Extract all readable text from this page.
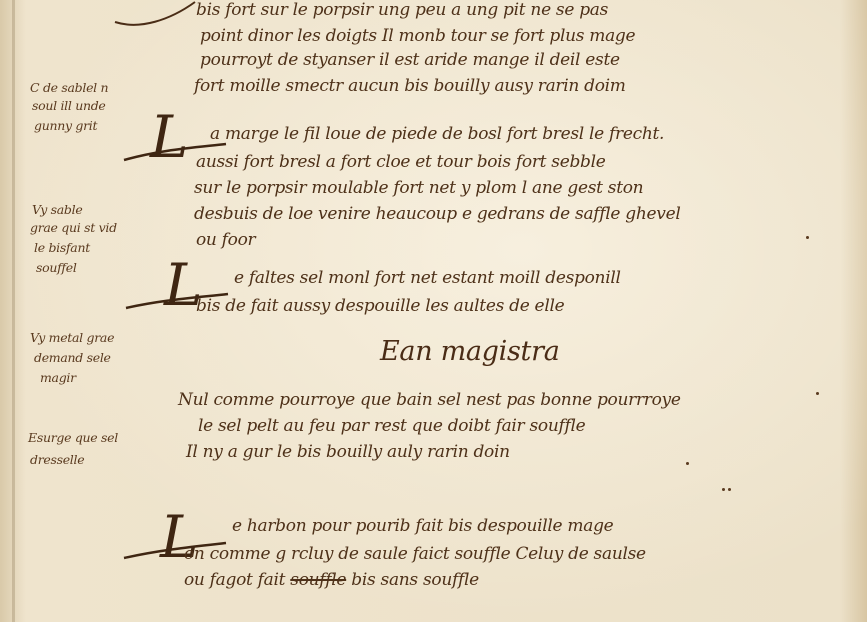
bis fort sur le porpsir ung peu a ung pit ne se pas
point dinor les doigts Il monb tour se fort plus mage
pourroyt de styanser il est aride mange il deil este
fort moille smectr aucun bis bouilly ausy rarin doim
C de sablel n
soul ill unde
gunny grit L a marge le fil loue de piede de bosl fort bresl le frecht.
aussi fort bresl a fort cloe et tour bois fort sebble
sur le porpsir moulable fort net y plom l ane gest ston
desbuis de loe venire heaucoup e gedrans de saffle ghevel
ou foor
Vy sable
grae qui st vid
le bisfant
souffel L e faltes sel monl fort net estant moill desponill
bis de fait aussy despouille les aultes de elle
Vy metal grae
demand sele
magir
Ean magistra
Nul comme pourroye que bain sel nest pas bonne pourrroye
le sel pelt au feu par rest que doibt fair souffle
Il ny a gur le bis bouilly auly rarin doin
Esurge que sel
dresselle
L e harbon pour pourib fait bis despouille mage
on comme g rcluy de saule faict souffle Celuy de saulse
ou fagot fait souffle bis sans souffle
